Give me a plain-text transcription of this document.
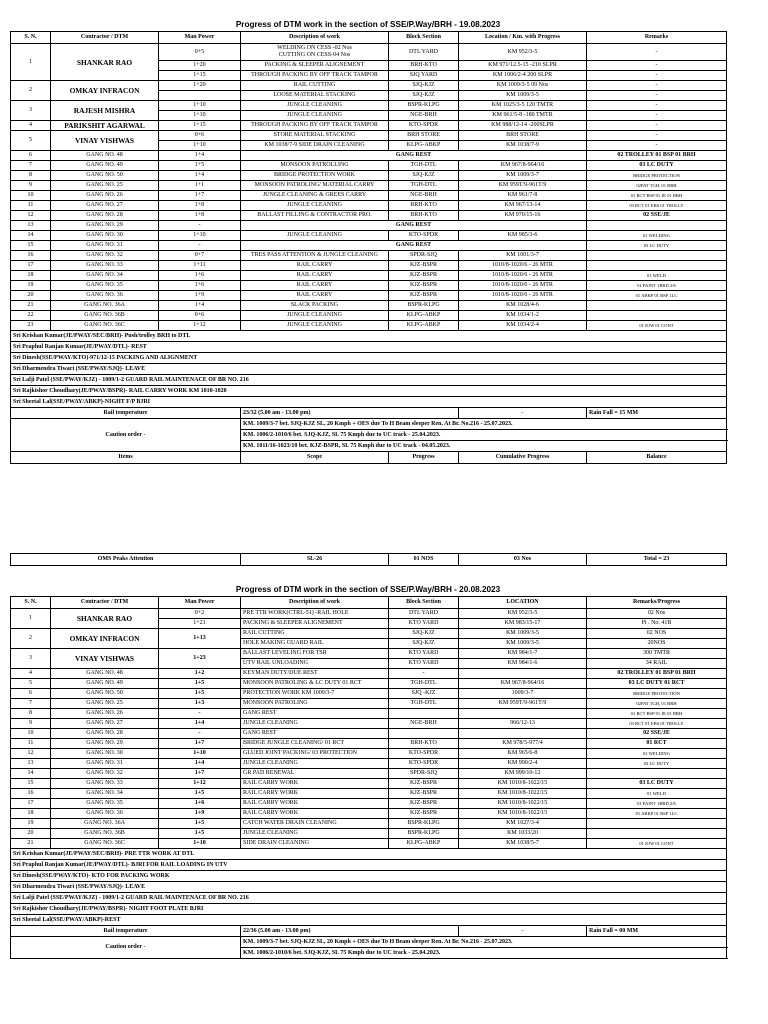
Progress of DTM work in the section of SSE/P.Way/BRH - 19.08.2023
S. N.	Contractor / DTM	Man Power	Description of work	Block Section	Location / Km. with Progress	Remarks	
1	SHANKAR RAO	0+5	WELDING ON CESS -02 Nos
CUTTING ON CESS-04 Nos	DTL YARD	KM 952/3-5	-	
		1+20	PACKING & SLEEPER ALIGNEMENT	BRH-KTO	KM 971/12.5-15 -210 SLPR	-	
		1+15	THROUGH PACKING BY OFF TRACK TAMPOR	SJQ YARD	KM 1006/2-4 200 SLPR	-	
2	OMKAY INFRACON	1+20	RAIL CUTTING	SJQ-KJZ	KM 1009/3-5 09 Nos	-	
			LOOSE MATERIAL STACKING	SJQ-KJZ	KM 1009/3-5	-	
3	RAJESH MISHRA	1+10	JUNGLE CLEANING	BSPR-KLPG	KM 1025/3-5 120 TMTR	-	
		1+10	JUNGLE CLEANING	NGE-BRH	KM 961/5-8 -180 TMTR	-	
4	PARIKSHIT AGARWAL	1+15	THROUGH PACKING BY OFF TRACK TAMPOR	KTO-SPDR	KM 988/12-14 -200SLPR	-	
5	VINAY VISHWAS	0+6	STORE MATERIAL STACKING	BRH STORE	BRH STORE	-	
		1+10	KM 1038/7-9 SIDE DRAIN CLEANING	KLPG-ABKP	KM 1038/7-9	-	
6	GANG NO. 48	1+4	GANG REST			02 TROLLEY 01 BSP 01 BRH	
7	GANG NO. 49	1+5	MONSOON PATROLLING	TGH-DTL	KM 967/8-964/16	03 LC DUTY	
8	GANG NO. 50	1+4	BRIDGE PROTECTION WORK	SJQ-KJZ	KM 1009/3-7	BRIDGE PROTECTION	
9	GANG NO. 25	1+1	MONSOON PATROLING/ MATERIAL CARRY	TGH-DTL	KM 959T/9-961T/9	02PAT TGH, 01 BRH	
10	GANG NO. 26	1+7	JUNGLE CLEANING & GREES CARRY	NGE-BRH	KM 961/7-8	01 RCT BSP 01 JE 01 BRH	
11	GANG NO. 27	1+8	JUNGLE CLEANING	BRH-KTO	KM 967/13-14	03 RCT 01 EBS 01 TROLLY	
12	GANG NO. 28	1+8	BALLAST FILLING & CONTRACTOR PRO.	BRH-KTO	KM 970/15-16	02 SSE/JE	
13	GANG NO. 29	-	GANG REST				
14	GANG NO. 30	1+10	JUNGLE CLEANING	KTO-SPDR	KM 985/3-6	01 WELDING	
15	GANG NO. 31	-	GANG REST			03 LC DUTY	
16	GANG NO. 32	0+7	TRES PASS ATTENTION & JUNGLE CLEANING	SPDR-SJQ	KM 1001/3-7		
17	GANG NO. 33	1+11	RAIL CARRY	KJZ-BSPR	1010/8-1020/6 - 26 MTR		
18	GANG NO. 34	1+6	RAIL CARRY	KJZ-BSPR	1010/8-1020/6 - 26 MTR	01 WELD	
19	GANG NO. 35	1+6	RAIL CARRY	KJZ-BSPR	1010/8-1020/6 - 26 MTR	01 PAINT 1BRD 2/6	
20	GANG NO. 36	1+9	RAIL CARRY	KJZ-BSPR	1010/8-1020/6 - 26 MTR	01 ABKP 01 BSP 1LC	
21	GANG NO. 36A	1+4	SLACK PACKING	BSPR-KLPG	KM 1028/4-6		
22	GANG NO. 36B	0+6	JUNGLE CLEANING	KLPG-ABKP	KM 1034/1-2		
23	GANG NO. 36C	1+12	JUNGLE CLEANING	KLPG-ABKP	KM 1034/2-4	01 IOW 01 CONT	
Sri Krishan Kumar(JE/PWAY/SEC/BRH)- Push/trolley BRH to DTL							
Sri Praphul Ranjan Kumar(JE/PWAY/DTL)- REST							
Sri Dinesh(SSE/PWAY/KTO)-971/12-15 PACKING AND ALIGNMENT							
Sri Dharmendra Tiwari (SSE/PWAY/SJQ)- LEAVE							
Sri Lalji Patel (SSE/PWAY/KJZ) - 1009/1-2 GUARD RAIL MAINTENACE OF BR NO. 216							
Sri Rajkishor Choudhary(JE/PWAY/BSPR)- RAIL CARRY WORK KM 1010-1020							
Sri Sheetal Lal(SSE/PWAY/ABKP)-NIGHT F/P BJRI							
Rail temperature			23/32 (5.00 am - 13.00 pm)		-	Rain Fall = 15 MM	
Caution order -			KM. 1009/3-7 bet. SJQ-KJZ SL, 20 Kmph + OES due To H Beam sleeper Ren. At Br. No.216 - 25.07.2023.				
			KM. 1006/2-1010/6 bet. SJQ-KJZ, SL 75 Kmph due to UC track - 25.04.2023.				
			KM. 1011/16-1023/10 bet. KJZ-BSPR, SL 75 Kmph due to UC track - 04.05.2023.				
Items			Scope	Progress	Cumulative Progress	Balance	
Progress of DTM work in the section of SSE/P.Way/BRH - 20.08.2023
S. N.	Contractor / DTM	Man Power	Description of work	Block Section	LOCATION	Remarks/Progress	
1	SHANKAR RAO	0+2	PRE TTR WORK(CTRL-51) -RAIL HOLE	DTL YARD	KM 952/3-5	02 Nos	
		1+21	PACKING & SLEEPER ALIGNEMENT	KTO YARD	KM 983/15-17	Pt . No. 41B	
2	OMKAY INFRACON	1+13	RAIL CUTTING	SJQ-KJZ	KM 1009/3-5	02 NOS	
			HOLE MAKING GUARD RAIL	SJQ-KJZ	KM 1009/3-5	20NOS	
3	VINAY VISHWAS	1+23	BALLAST LEVELING FOR TSR	KTO YARD	KM 984/1-7	300 TMTR	
			UTV RAIL UNLOADING	KTO YARD	KM 984/1-6	34 RAIL	
4	GANG NO. 48	1+2	KEYMAN DUTY/DUE REST	-		02 TROLLEY 01 BSP 01 BRH	
5	GANG NO. 49	1+5	MONSOON PATROLING & LC DUTY 01 RCT	TGH-DTL	KM 967/8-964/16	03 LC DUTY 01 RCT	
6	GANG NO. 50	1+5	PROTECTION WORK KM 1009/3-7	SJQ -KJZ	1009/3-7	BRIDGE PROTECTION	
7	GANG NO. 25	1+3	MONSOON PATROLING	TGH-DTL	KM 959T/9-961T/9	02PAT TGH, 01 BRH	
8	GANG NO. 26	-	GANG REST			01 RCT BSP 01 JE 01 BRH	
9	GANG NO. 27	1+4	JUNGLE CLEANING	NGE-BRH	966/12-13	03 RCT 01 EBS 01 TROLLY	
10	GANG NO. 28	-	GANG REST			02 SSE/JE	
11	GANG NO. 29	1+7	BRIDGE JUNGLE CLEANING/ 01 RCT	BRH-KTO	KM 978/5-977/4	01 RCT	
12	GANG NO. 30	1+10	GLUED JOINT PACKING/ 03 PROTECTION	KTO-SPDR	KM 965/6-8	01 WELDING	
13	GANG NO. 31	1+4	JUNGLE CLEANING	KTO-SPDR	KM 990/2-4	03 LC DUTY	
14	GANG NO. 32	1+7	GR PAD RENEWAL	SPDR-SJQ	KM 999/10-12		
15	GANG NO. 33	1+12	RAIL CARRY WORK	KJZ-BSPR	KM 1010/8-1022/15	03 LC DUTY	
16	GANG NO. 34	1+5	RAIL CARRY WORK	KJZ-BSPR	KM 1010/8-1022/15	01 WELD	
17	GANG NO. 35	1+6	RAIL CARRY WORK	KJZ-BSPR	KM 1010/8-1022/15	01 PAINT 1BRD 2/6	
18	GANG NO. 36	1+9	RAIL CARRY WORK	KJZ-BSPR	KM 1010/8-1022/15	01 ABKP 01 BSP 1LC	
19	GANG NO. 36A	1+5	CATCH WATER DRAIN CLEANING	BSPR-KLPG	KM 1027/3-4		
20	GANG NO. 36B	1+5	JUNGLE CLEANING	BSPR-KLPG	KM 1033/20		
21	GANG NO. 36C	1+10	SIDE DRAIN CLEANING	KLPG-ABKP	KM 1038/5-7	01 IOW 01 CONT	
Sri Krishan Kumar(JE/PWAY/SEC/BRH)- PRE TTR WORK AT DTL							
Sri Praphul Ranjan Kumar(JE/PWAY/DTL)- BJRI FOR RAIL LOADING IN UTV							
Sri Dinesh(SSE/PWAY/KTO)- KTO FOR PACKING WORK							
Sri Dharmendra Tiwari (SSE/PWAY/SJQ)- LEAVE							
Sri Lalji Patel (SSE/PWAY/KJZ) - 1009/1-2 GUARD RAIL MAINTENACE OF BR NO. 216							
Sri Rajkishor Choudhary(JE/PWAY/BSPR)- NIGHT FOOT PLATE BJRI							
Sri Sheetal Lal(SSE/PWAY/ABKP)-REST							
Rail temperature			22/36 (5.00 am - 13.00 pm)		-	Rain Fall = 00 MM	
Caution order -			KM. 1009/3-7 bet. SJQ-KJZ SL, 20 Kmph + OES due To H Beam sleeper Ren. At Br. No.216 - 25.07.2023.				
			KM. 1006/2-1010/6 bet. SJQ-KJZ, SL 75 Kmph due to UC track - 25.04.2023.				
OMS Peaks Attention	SL-26	01 NOS	03 Nos	Total = 23
